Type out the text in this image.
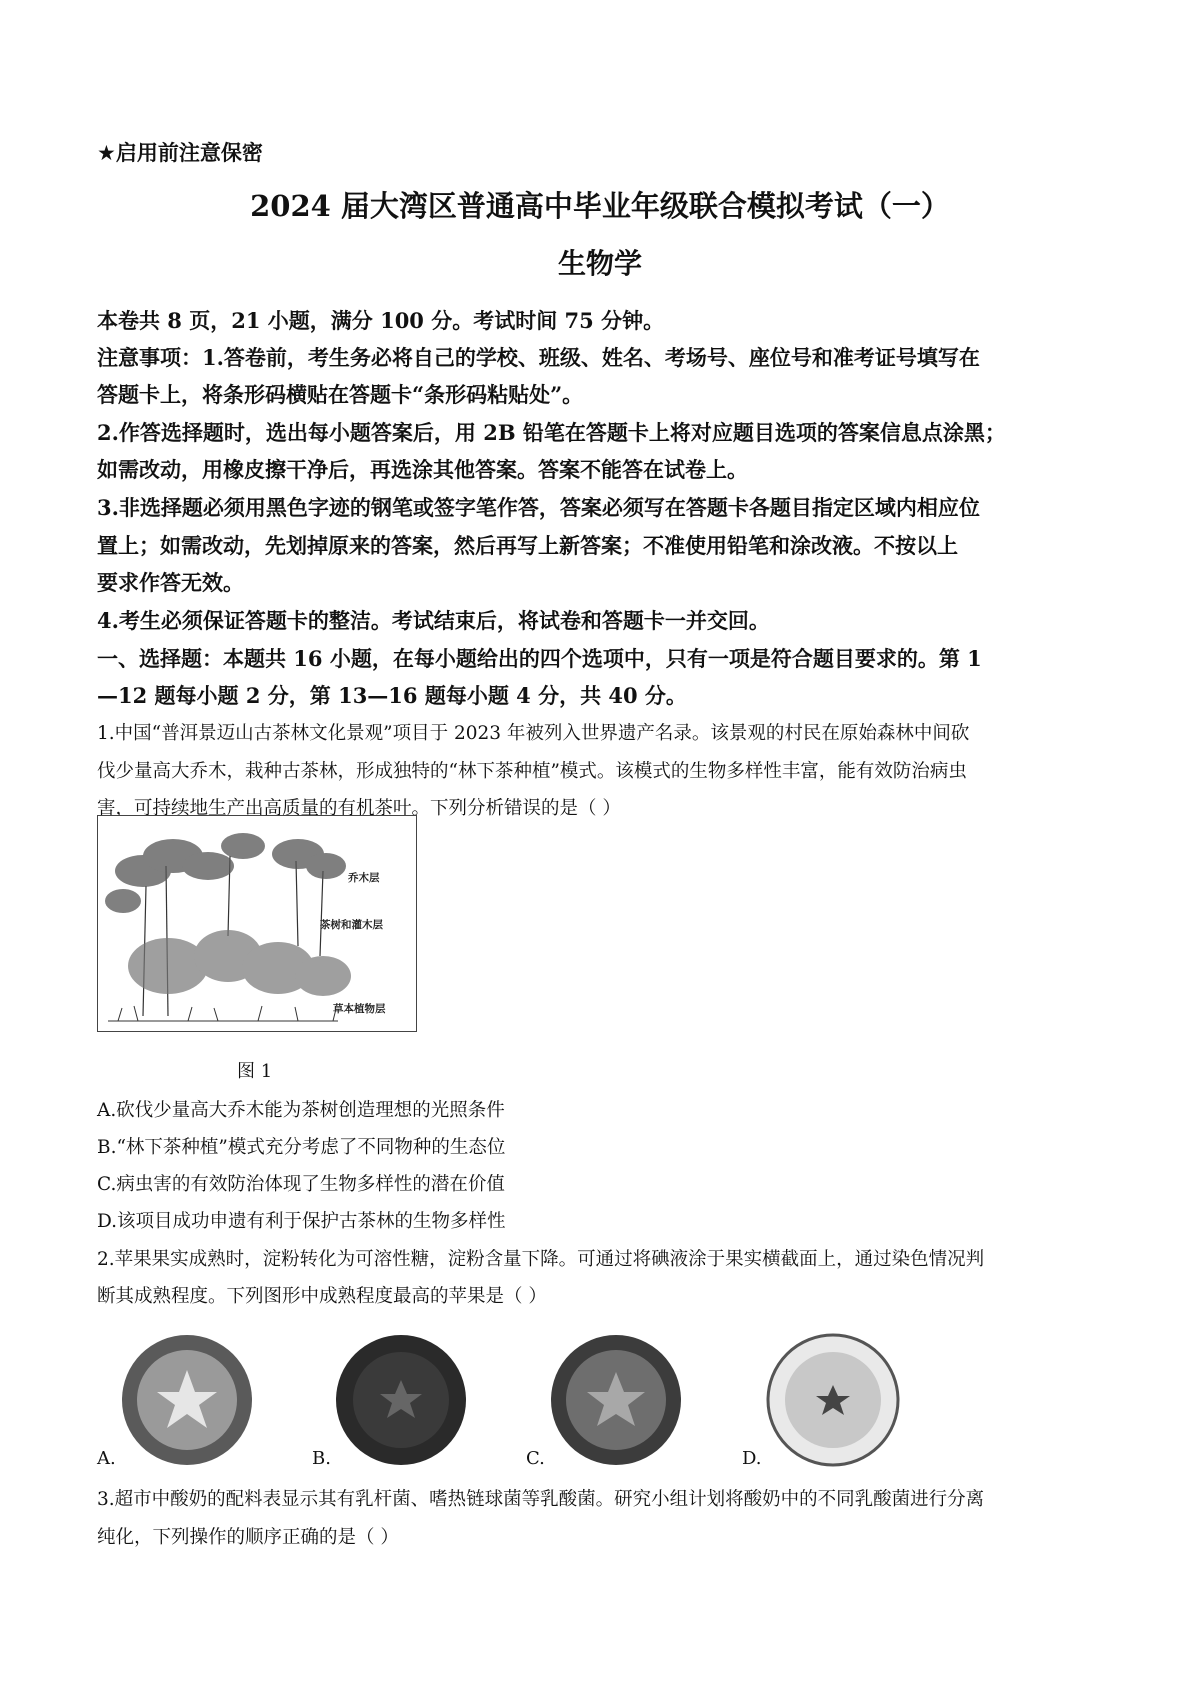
★启用前注意保密
2024 届大湾区普通高中毕业年级联合模拟考试（一）
生物学
本卷共 8 页，21 小题，满分 100 分。考试时间 75 分钟。
注意事项：1.答卷前，考生务必将自己的学校、班级、姓名、考场号、座位号和准考证号填写在
答题卡上，将条形码横贴在答题卡“条形码粘贴处”。
2.作答选择题时，选出每小题答案后，用 2B 铅笔在答题卡上将对应题目选项的答案信息点涂黑；
如需改动，用橡皮擦干净后，再选涂其他答案。答案不能答在试卷上。
3.非选择题必须用黑色字迹的钢笔或签字笔作答，答案必须写在答题卡各题目指定区域内相应位
置上；如需改动，先划掉原来的答案，然后再写上新答案；不准使用铅笔和涂改液。不按以上
要求作答无效。
4.考生必须保证答题卡的整洁。考试结束后，将试卷和答题卡一并交回。
一、选择题：本题共 16 小题，在每小题给出的四个选项中，只有一项是符合题目要求的。第 1
—12 题每小题 2 分，第 13—16 题每小题 4 分，共 40 分。
1.中国“普洱景迈山古茶林文化景观”项目于 2023 年被列入世界遗产名录。该景观的村民在原始森林中间砍
伐少量高大乔木，栽种古茶林，形成独特的“林下茶种植”模式。该模式的生物多样性丰富，能有效防治病虫
害，可持续地生产出高质量的有机茶叶。下列分析错误的是（ ）
乔木层
茶树和灌木层
草本植物层
图 1
A.砍伐少量高大乔木能为茶树创造理想的光照条件
B.“林下茶种植”模式充分考虑了不同物种的生态位
C.病虫害的有效防治体现了生物多样性的潜在价值
D.该项目成功申遗有利于保护古茶林的生物多样性
2.苹果果实成熟时，淀粉转化为可溶性糖，淀粉含量下降。可通过将碘液涂于果实横截面上，通过染色情况判
断其成熟程度。下列图形中成熟程度最高的苹果是（ ）
A.	B.	C.	D.
3.超市中酸奶的配料表显示其有乳杆菌、嗜热链球菌等乳酸菌。研究小组计划将酸奶中的不同乳酸菌进行分离
纯化，下列操作的顺序正确的是（ ）
